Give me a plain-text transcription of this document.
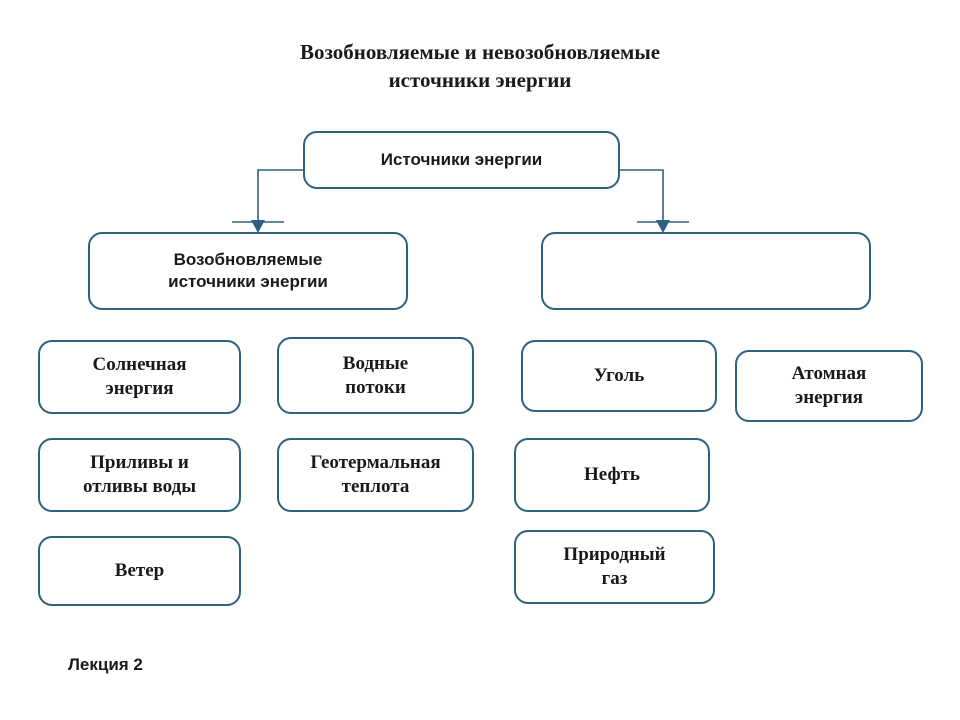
Возобновляемые и невозобновляемые
источники энергии
Источники энергии
Возобновляемые
источники энергии
Солнечная
энергия
Водные
потоки
Приливы и
отливы воды
Геотермальная
теплота
Ветер
Уголь	Атомная
энергия
Нефть
Природный
газ
Лекция 2
